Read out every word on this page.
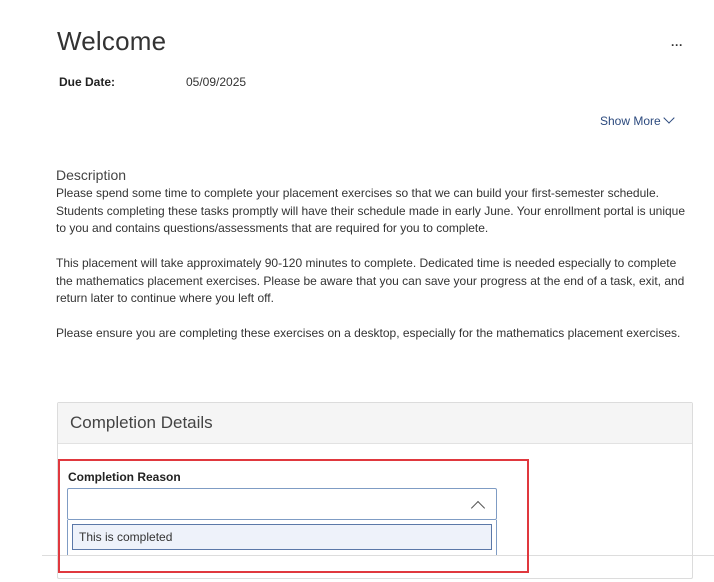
Welcome	···
Due Date:	05/09/2025
Show More
Description

Please spend some time to complete your placement exercises so that we can build your first-semester schedule. Students completing these tasks promptly will have their schedule made in early June. Your enrollment portal is unique to you and contains questions/assessments that are required for you to complete.

This placement will take approximately 90-120 minutes to complete. Dedicated time is needed especially to complete the mathematics placement exercises. Please be aware that you can save your progress at the end of a task, exit, and return later to continue where you left off.

Please ensure you are completing these exercises on a desktop, especially for the mathematics placement exercises.

Completion Details
Completion Reason
This is completed
